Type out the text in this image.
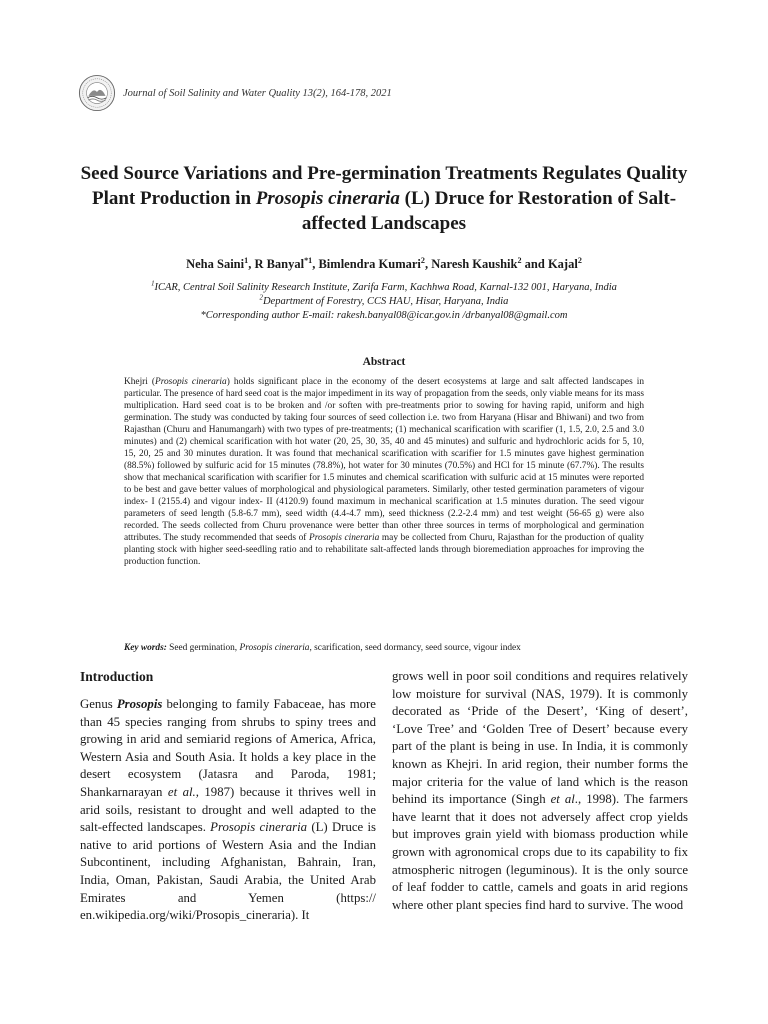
Journal of Soil Salinity and Water Quality 13(2), 164-178, 2021
Seed Source Variations and Pre-germination Treatments Regulates Quality Plant Production in Prosopis cineraria (L) Druce for Restoration of Salt- affected Landscapes
Neha Saini$^1$, R Banyal$^{*1}$, Bimlendra Kumari$^2$, Naresh Kaushik$^2$ and Kajal$^2$
$^1$ICAR, Central Soil Salinity Research Institute, Zarifa Farm, Kachhwa Road, Karnal-132 001, Haryana, India
$^2$Department of Forestry, CCS HAU, Hisar, Haryana, India
*Corresponding author E-mail: rakesh.banyal08@icar.gov.in /drbanyal08@gmail.com
Abstract

Khejri (Prosopis cineraria) holds significant place in the economy of the desert ecosystems at large and salt affected landscapes in particular. The presence of hard seed coat is the major impediment in its way of propagation from the seeds, only viable means for its mass multiplication. Hard seed coat is to be broken and /or soften with pre-treatments prior to sowing for having rapid, uniform and high germination. The study was conducted by taking four sources of seed collection i.e. two from Haryana (Hisar and Bhiwani) and two from Rajasthan (Churu and Hanumangarh) with two types of pre-treatments; (1) mechanical scarification with scarifier (1, 1.5, 2.0, 2.5 and 3.0 minutes) and (2) chemical scarification with hot water (20, 25, 30, 35, 40 and 45 minutes) and sulfuric and hydrochloric acids for 5, 10, 15, 20, 25 and 30 minutes duration. It was found that mechanical scarification with scarifier for 1.5 minutes gave highest germination (88.5%) followed by sulfuric acid for 15 minutes (78.8%), hot water for 30 minutes (70.5%) and HCl for 15 minute (67.7%). The results show that mechanical scarification with scarifier for 1.5 minutes and chemical scarification with sulfuric acid at 15 minutes were reported to be best and gave better values of morphological and physiological parameters. Similarly, other tested germination parameters of vigour index- I (2155.4) and vigour index- II (4120.9) found maximum in mechanical scarification at 1.5 minutes duration. The seed vigour parameters of seed length (5.8-6.7 mm), seed width (4.4-4.7 mm), seed thickness (2.2-2.4 mm) and test weight (56-65 g) were also recorded. The seeds collected from Churu provenance were better than other three sources in terms of morphological and germination attributes. The study recommended that seeds of Prosopis cineraria may be collected from Churu, Rajasthan for the production of quality planting stock with higher seed-seedling ratio and to rehabilitate salt-affected lands through bioremediation approaches for improving the production function.

Key words: Seed germination, Prosopis cineraria, scarification, seed dormancy, seed source, vigour index

Introduction

Genus Prosopis belonging to family Fabaceae, has more than 45 species ranging from shrubs to spiny trees and growing in arid and semiarid regions of America, Africa, Western Asia and South Asia. It holds a key place in the desert ecosystem (Jatasra and Paroda, 1981; Shankarnarayan et al., 1987) because it thrives well in arid soils, resistant to drought and well adapted to the salt-effected landscapes. Prosopis cineraria (L) Druce is native to arid portions of Western Asia and the Indian Subcontinent, including Afghanistan, Bahrain, Iran, India, Oman, Pakistan, Saudi Arabia, the United Arab Emirates and Yemen (https:// en.wikipedia.org/wiki/Prosopis_cineraria). It

grows well in poor soil conditions and requires relatively low moisture for survival (NAS, 1979). It is commonly decorated as ‘Pride of the Desert’, ‘King of desert’, ‘Love Tree’ and ‘Golden Tree of Desert’ because every part of the plant is being in use. In India, it is commonly known as Khejri. In arid region, their number forms the major criteria for the value of land which is the reason behind its importance (Singh et al., 1998). The farmers have learnt that it does not adversely affect crop yields but improves grain yield with biomass production while grown with agronomical crops due to its capability to fix atmospheric nitrogen (leguminous). It is the only source of leaf fodder to cattle, camels and goats in arid regions where other plant species find hard to survive. The wood
